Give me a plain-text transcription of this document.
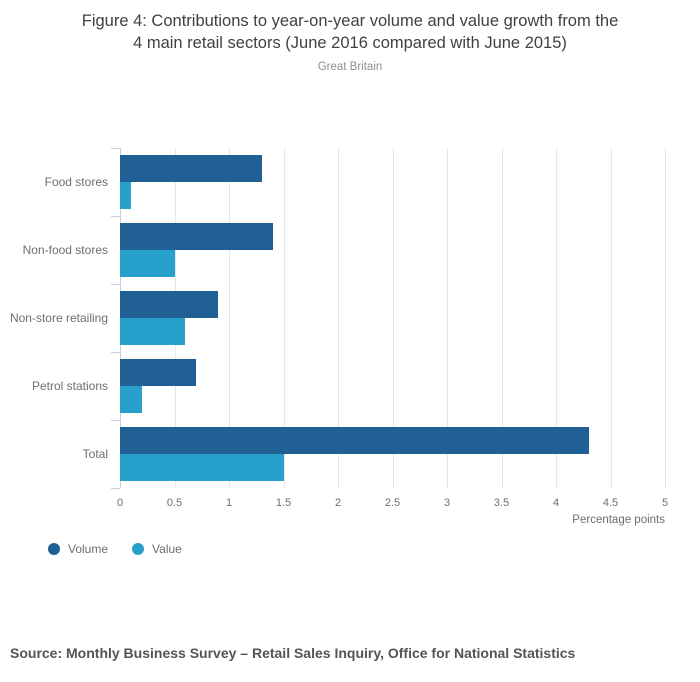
Figure 4: Contributions to year-on-year volume and value growth from the
4 main retail sectors (June 2016 compared with June 2015)
Great Britain
Food stores
Non-food stores
Non-store retailing
Petrol stations
Total
Percentage points
Volume	Value
Source: Monthly Business Survey – Retail Sales Inquiry, Office for National Statistics
0	0.5	1	1.5	2	2.5	3	3.5	4	4.5	5
